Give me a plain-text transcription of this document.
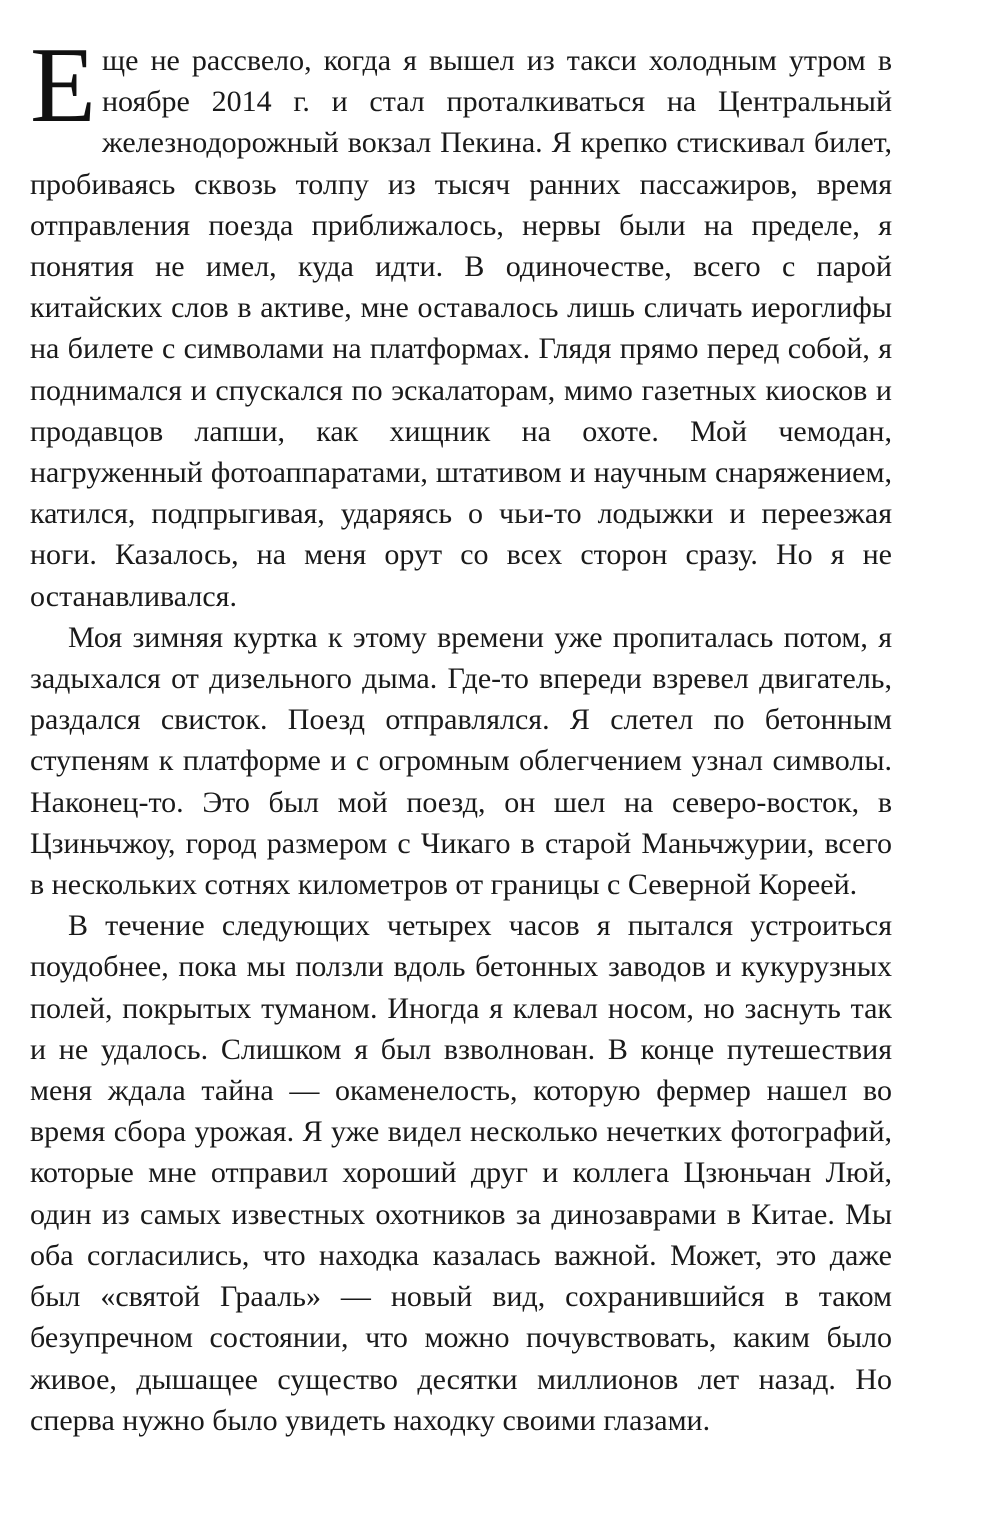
Еще не рассвело, когда я вышел из такси холодным утром в ноябре 2014 г. и стал проталкиваться на Центральный железнодорожный вокзал Пекина. Я крепко стискивал билет, пробиваясь сквозь толпу из тысяч ранних пассажиров, время отправления поезда приближалось, нервы были на пределе, я понятия не имел, куда идти. В одиночестве, всего с парой китайских слов в активе, мне оставалось лишь сличать иероглифы на билете с символами на платформах. Глядя прямо перед собой, я поднимался и спускался по эскалаторам, мимо газетных киосков и продавцов лапши, как хищник на охоте. Мой чемодан, нагруженный фотоаппаратами, штативом и научным снаряжением, катился, подпрыгивая, ударяясь о чьи-то лодыжки и переезжая ноги. Казалось, на меня орут со всех сторон сразу. Но я не останавливался.

Моя зимняя куртка к этому времени уже пропиталась потом, я задыхался от дизельного дыма. Где-то впереди взревел двигатель, раздался свисток. Поезд отправлялся. Я слетел по бетонным ступеням к платформе и с огромным облегчением узнал символы. Наконец-то. Это был мой поезд, он шел на северо-восток, в Цзиньчжоу, город размером с Чикаго в старой Маньчжурии, всего в нескольких сотнях километров от границы с Северной Кореей.

В течение следующих четырех часов я пытался устроиться поудобнее, пока мы ползли вдоль бетонных заводов и кукурузных полей, покрытых туманом. Иногда я клевал носом, но заснуть так и не удалось. Слишком я был взволнован. В конце путешествия меня ждала тайна — окаменелость, которую фермер нашел во время сбора урожая. Я уже видел несколько нечетких фотографий, которые мне отправил хороший друг и коллега Цзюньчан Люй, один из самых известных охотников за динозаврами в Китае. Мы оба согласились, что находка казалась важной. Может, это даже был «святой Грааль» — новый вид, сохранившийся в таком безупречном состоянии, что можно почувствовать, каким было живое, дышащее существо десятки миллионов лет назад. Но сперва нужно было увидеть находку своими глазами.
